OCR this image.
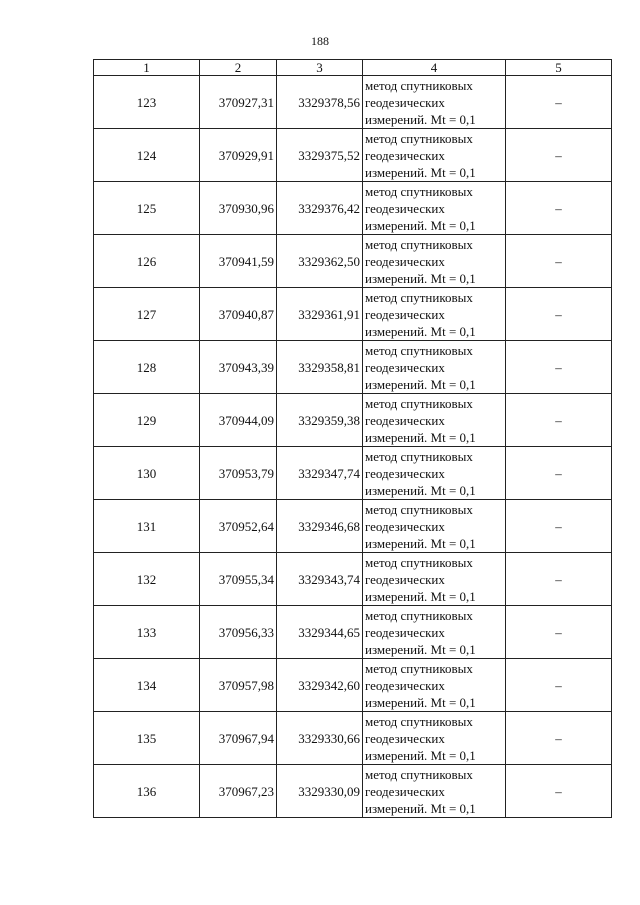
188
1	2	3	4	5
123	370927,31	3329378,56	метод спутниковых
геодезических
измерений. Mt = 0,1	–
124	370929,91	3329375,52	метод спутниковых
геодезических
измерений. Mt = 0,1	–
125	370930,96	3329376,42	метод спутниковых
геодезических
измерений. Mt = 0,1	–
126	370941,59	3329362,50	метод спутниковых
геодезических
измерений. Mt = 0,1	–
127	370940,87	3329361,91	метод спутниковых
геодезических
измерений. Mt = 0,1	–
128	370943,39	3329358,81	метод спутниковых
геодезических
измерений. Mt = 0,1	–
129	370944,09	3329359,38	метод спутниковых
геодезических
измерений. Mt = 0,1	–
130	370953,79	3329347,74	метод спутниковых
геодезических
измерений. Mt = 0,1	–
131	370952,64	3329346,68	метод спутниковых
геодезических
измерений. Mt = 0,1	–
132	370955,34	3329343,74	метод спутниковых
геодезических
измерений. Mt = 0,1	–
133	370956,33	3329344,65	метод спутниковых
геодезических
измерений. Mt = 0,1	–
134	370957,98	3329342,60	метод спутниковых
геодезических
измерений. Mt = 0,1	–
135	370967,94	3329330,66	метод спутниковых
геодезических
измерений. Mt = 0,1	–
136	370967,23	3329330,09	метод спутниковых
геодезических
измерений. Mt = 0,1	–
